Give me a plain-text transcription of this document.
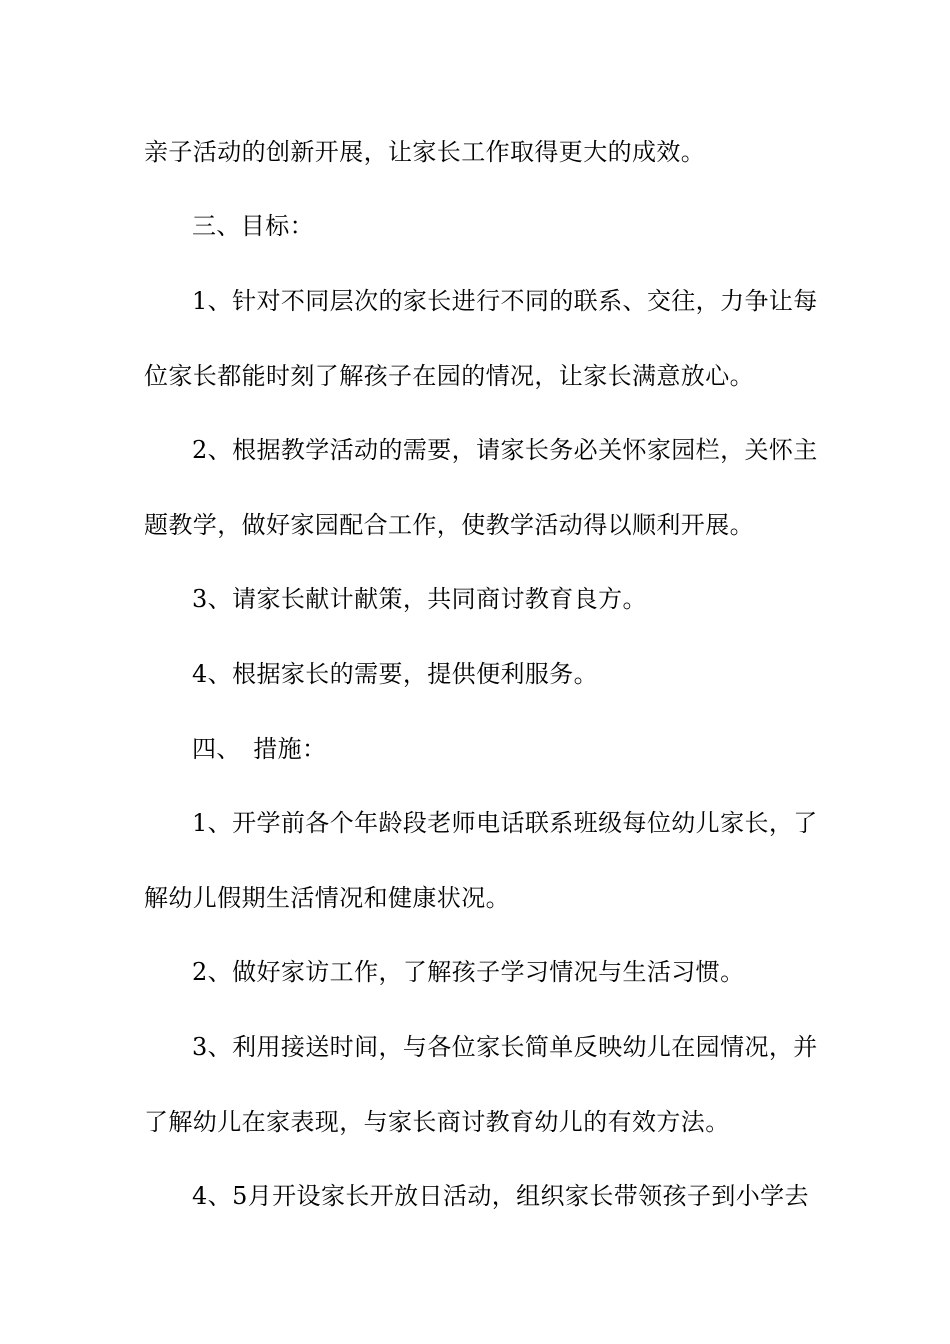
亲子活动的创新开展，让家长工作取得更大的成效。
三、目标：
1、针对不同层次的家长进行不同的联系、交往，力争让每
位家长都能时刻了解孩子在园的情况，让家长满意放心。
2、根据教学活动的需要，请家长务必关怀家园栏，关怀主
题教学，做好家园配合工作，使教学活动得以顺利开展。
3、请家长献计献策，共同商讨教育良方。
4、根据家长的需要，提供便利服务。
四、　措施：
1、开学前各个年龄段老师电话联系班级每位幼儿家长，了
解幼儿假期生活情况和健康状况。
2、做好家访工作，了解孩子学习情况与生活习惯。
3、利用接送时间，与各位家长简单反映幼儿在园情况，并
了解幼儿在家表现，与家长商讨教育幼儿的有效方法。
4、5月开设家长开放日活动，组织家长带领孩子到小学去
